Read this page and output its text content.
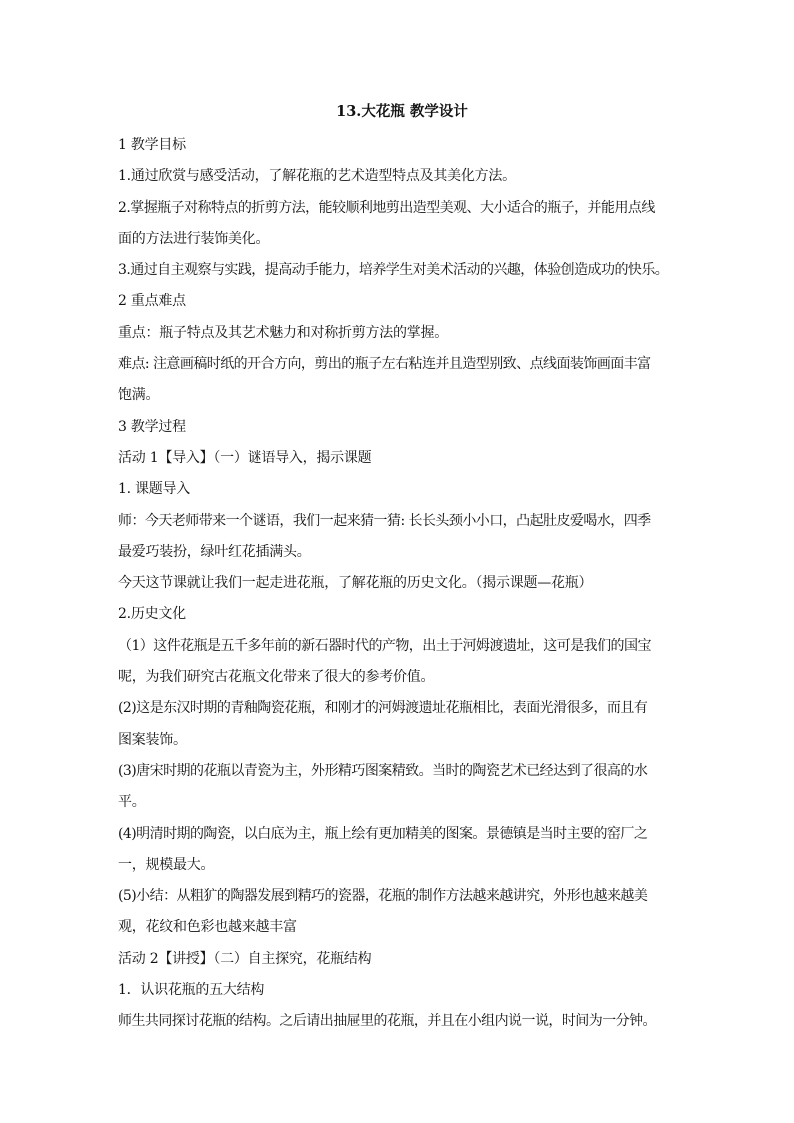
13.大花瓶 教学设计
1 教学目标
1.通过欣赏与感受活动，了解花瓶的艺术造型特点及其美化方法。
2.掌握瓶子对称特点的折剪方法，能较顺利地剪出造型美观、大小适合的瓶子，并能用点线
面的方法进行装饰美化。
3.通过自主观察与实践，提高动手能力，培养学生对美术活动的兴趣，体验创造成功的快乐。
2 重点难点
重点：瓶子特点及其艺术魅力和对称折剪方法的掌握。
难点: 注意画稿时纸的开合方向，剪出的瓶子左右粘连并且造型别致、点线面装饰画面丰富
饱满。
3 教学过程
活动 1【导入】（一）谜语导入，揭示课题
1. 课题导入
师：今天老师带来一个谜语，我们一起来猜一猜: 长长头颈小小口，凸起肚皮爱喝水，四季
最爱巧装扮，绿叶红花插满头。
今天这节课就让我们一起走进花瓶，了解花瓶的历史文化。（揭示课题—花瓶）
2.历史文化
（1）这件花瓶是五千多年前的新石器时代的产物，出土于河姆渡遗址，这可是我们的国宝
呢，为我们研究古花瓶文化带来了很大的参考价值。
(2)这是东汉时期的青釉陶瓷花瓶，和刚才的河姆渡遗址花瓶相比，表面光滑很多，而且有
图案装饰。
(3)唐宋时期的花瓶以青瓷为主，外形精巧图案精致。当时的陶瓷艺术已经达到了很高的水
平。
(4)明清时期的陶瓷，以白底为主，瓶上绘有更加精美的图案。景德镇是当时主要的窑厂之
一，规模最大。
(5)小结：从粗犷的陶器发展到精巧的瓷器，花瓶的制作方法越来越讲究，外形也越来越美
观，花纹和色彩也越来越丰富
活动 2【讲授】（二）自主探究，花瓶结构
1．认识花瓶的五大结构
师生共同探讨花瓶的结构。之后请出抽屉里的花瓶，并且在小组内说一说，时间为一分钟。
